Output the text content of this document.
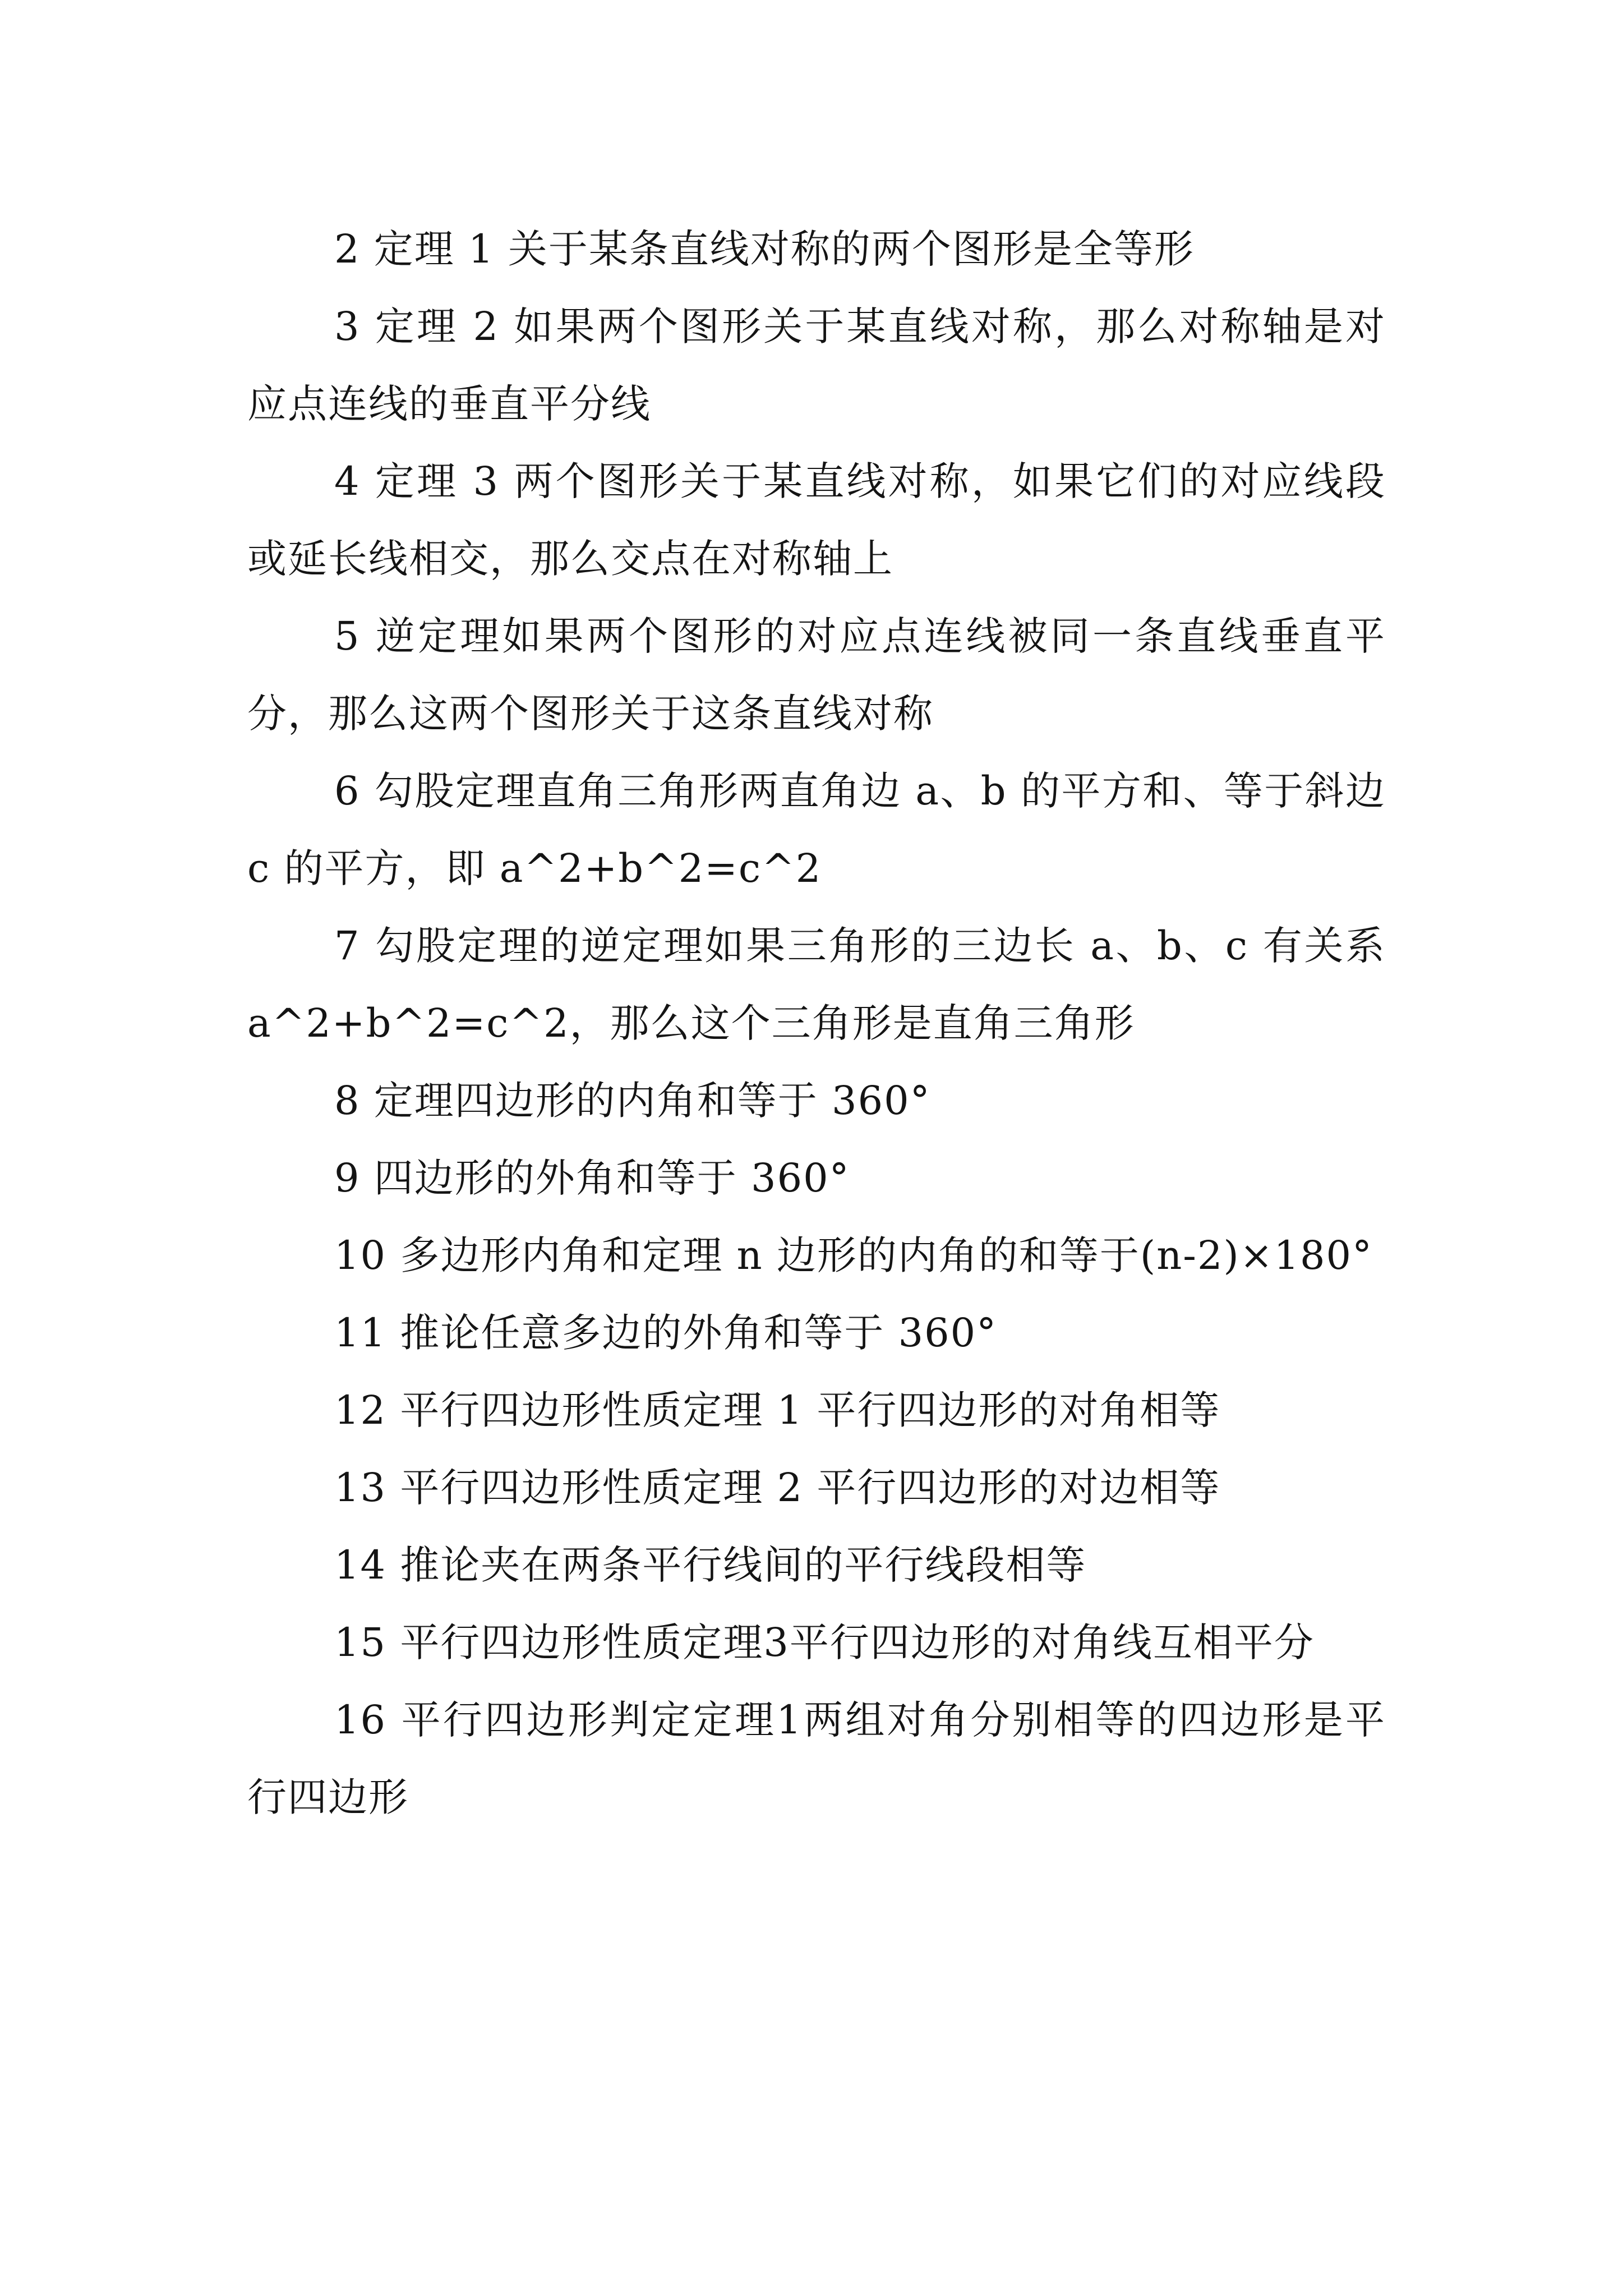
2 定理 1 关于某条直线对称的两个图形是全等形

3 定理 2 如果两个图形关于某直线对称，那么对称轴是对应点连线的垂直平分线

4 定理 3 两个图形关于某直线对称，如果它们的对应线段或延长线相交，那么交点在对称轴上

5 逆定理如果两个图形的对应点连线被同一条直线垂直平分，那么这两个图形关于这条直线对称

6 勾股定理直角三角形两直角边 a、b 的平方和、等于斜边 c 的平方，即 a^2+b^2=c^2

7 勾股定理的逆定理如果三角形的三边长 a、b、c 有关系 a^2+b^2=c^2，那么这个三角形是直角三角形

8 定理四边形的内角和等于 360°

9 四边形的外角和等于 360°

10 多边形内角和定理 n 边形的内角的和等于(n-2)×180°

11 推论任意多边的外角和等于 360°

12 平行四边形性质定理 1 平行四边形的对角相等

13 平行四边形性质定理 2 平行四边形的对边相等

14 推论夹在两条平行线间的平行线段相等

15 平行四边形性质定理3平行四边形的对角线互相平分

16 平行四边形判定定理1两组对角分别相等的四边形是平行四边形
